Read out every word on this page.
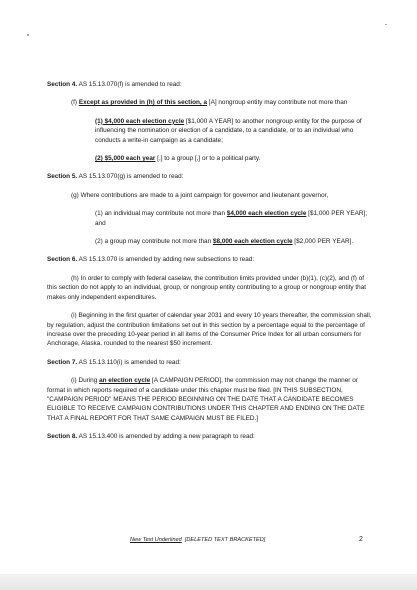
Section 4. AS 15.13.070(f) is amended to read:

(f) Except as provided in (h) of this section, a [A] nongroup entity may contribute not more than

(1) $4,000 each election cycle [$1,000 A YEAR] to another nongroup entity for the purpose of influencing the nomination or election of a candidate, to a candidate, or to an individual who conducts a write-in campaign as a candidate;

(2) $5,000 each year [,] to a group [,] or to a political party.

Section 5. AS 15.13.070(g) is amended to read:

(g) Where contributions are made to a joint campaign for governor and lieutenant governor,

(1) an individual may contribute not more than $4,000 each election cycle [$1,000 PER YEAR]; and

(2) a group may contribute not more than $8,000 each election cycle [$2,000 PER YEAR].

Section 6. AS 15.13.070 is amended by adding new subsections to read:

(h) In order to comply with federal caselaw, the contribution limits provided under (b)(1), (c)(2), and (f) of this section do not apply to an individual, group, or nongroup entity contributing to a group or nongroup entity that makes only independent expenditures.

(i) Beginning in the first quarter of calendar year 2031 and every 10 years thereafter, the commission shall, by regulation, adjust the contribution limitations set out in this section by a percentage equal to the percentage of increase over the preceding 10-year period in all items of the Consumer Price Index for all urban consumers for Anchorage, Alaska, rounded to the nearest $50 increment.

Section 7. AS 15.13.110(i) is amended to read:

(i) During an election cycle [A CAMPAIGN PERIOD], the commission may not change the manner or format in which reports required of a candidate under this chapter must be filed. [IN THIS SUBSECTION, "CAMPAIGN PERIOD" MEANS THE PERIOD BEGINNING ON THE DATE THAT A CANDIDATE BECOMES ELIGIBLE TO RECEIVE CAMPAIGN CONTRIBUTIONS UNDER THIS CHAPTER AND ENDING ON THE DATE THAT A FINAL REPORT FOR THAT SAME CAMPAIGN MUST BE FILED.]

Section 8. AS 15.13.400 is amended by adding a new paragraph to read:

New Text Underlined [DELETED TEXT BRACKETED]	2
